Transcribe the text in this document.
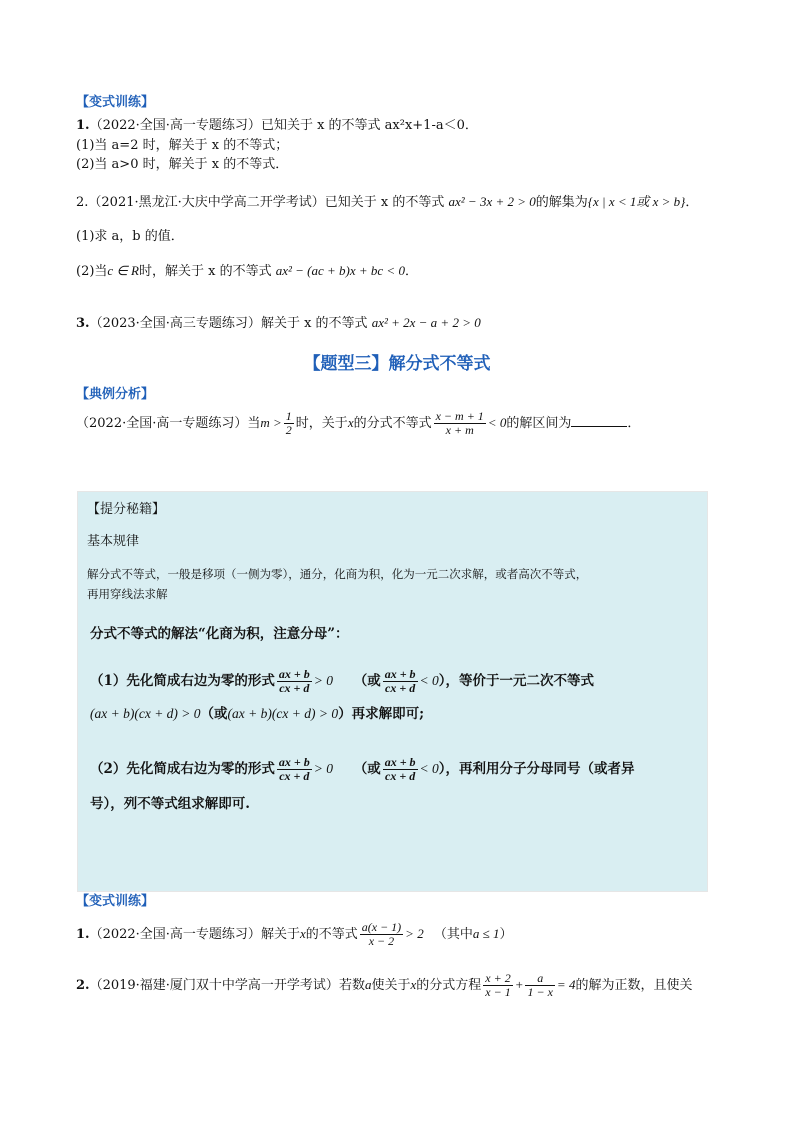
【变式训练】
1.（2022·全国·高一专题练习）已知关于 x 的不等式 ax²x+1-a＜0．
(1)当 a=2 时，解关于 x 的不等式；
(2)当 a>0 时，解关于 x 的不等式．
2.（2021·黑龙江·大庆中学高二开学考试）已知关于 x 的不等式 ax² − 3x + 2 > 0的解集为{x | x < 1或 x > b}．
(1)求 a，b 的值．
(2)当c ∈ R时，解关于 x 的不等式 ax² − (ac + b)x + bc < 0．
3.（2023·全国·高三专题练习）解关于 x 的不等式 ax² + 2x − a + 2 > 0
【题型三】解分式不等式
【典例分析】
（2022·全国·高一专题练习）当$m > \frac{1}{2}$ 时，关于x的分式不等式 $\frac{x - m + 1}{x + m} < 0$的解区间为	．
【提分秘籍】
基本规律
解分式不等式，一般是移项（一侧为零），通分，化商为积，化为一元二次求解，或者高次不等式，
再用穿线法求解
分式不等式的解法“化商为积，注意分母”：
（1）先化简成右边为零的形式 $\frac{ax + b}{cx + d} > 0$ （或 $\frac{ax + b}{cx + d} < 0$），等价于一元二次不等式
(ax + b)(cx + d) > 0（或(ax + b)(cx + d) > 0）再求解即可;
（2）先化简成右边为零的形式 $\frac{ax + b}{cx + d} > 0$ （或 $\frac{ax + b}{cx + d} < 0$），再利用分子分母同号（或者异
号），列不等式组求解即可.
【变式训练】
1.（2022·全国·高一专题练习）解关于x的不等式 $\frac{a(x - 1)}{x - 2} > 2$ （其中a ≤ 1）
2.（2019·福建·厦门双十中学高一开学考试）若数a使关于x的分式方程 $\frac{x + 2}{x - 1} + \frac{a}{1 - x} = 4$的解为正数，且使关
